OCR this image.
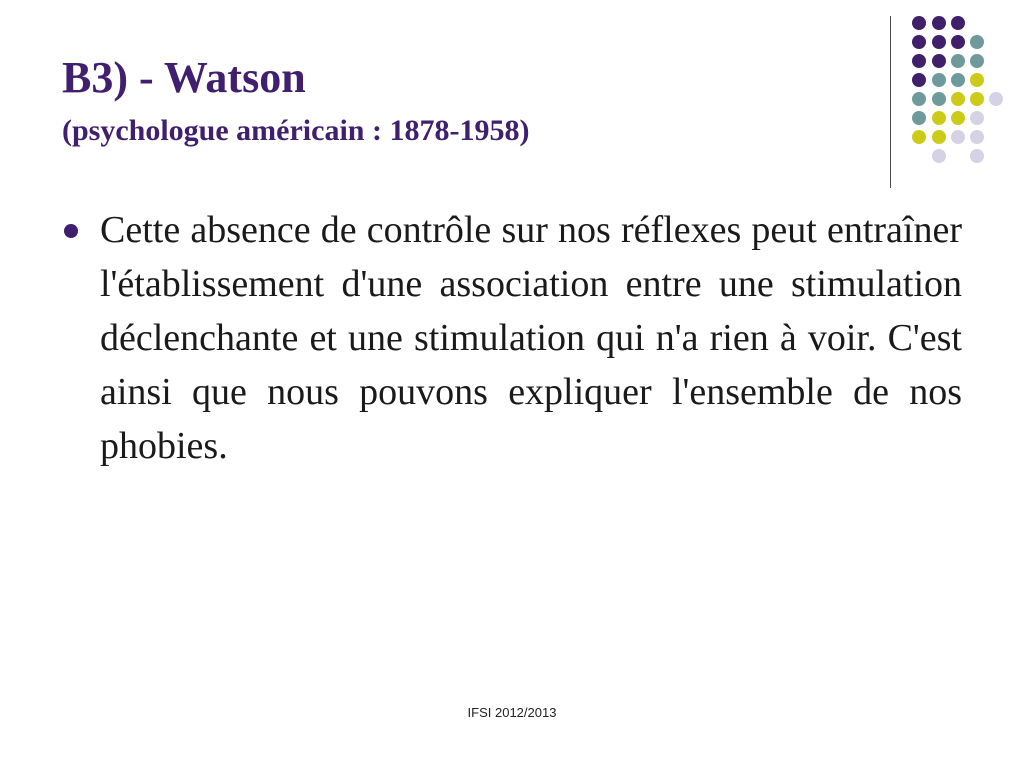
B3) - Watson
(psychologue américain : 1878-1958)
Cette absence de contrôle sur nos réflexes peut entraîner l'établissement d'une association entre une stimulation déclenchante et une stimulation qui n'a rien à voir. C'est ainsi que nous pouvons expliquer l'ensemble de nos phobies.
IFSI 2012/2013
